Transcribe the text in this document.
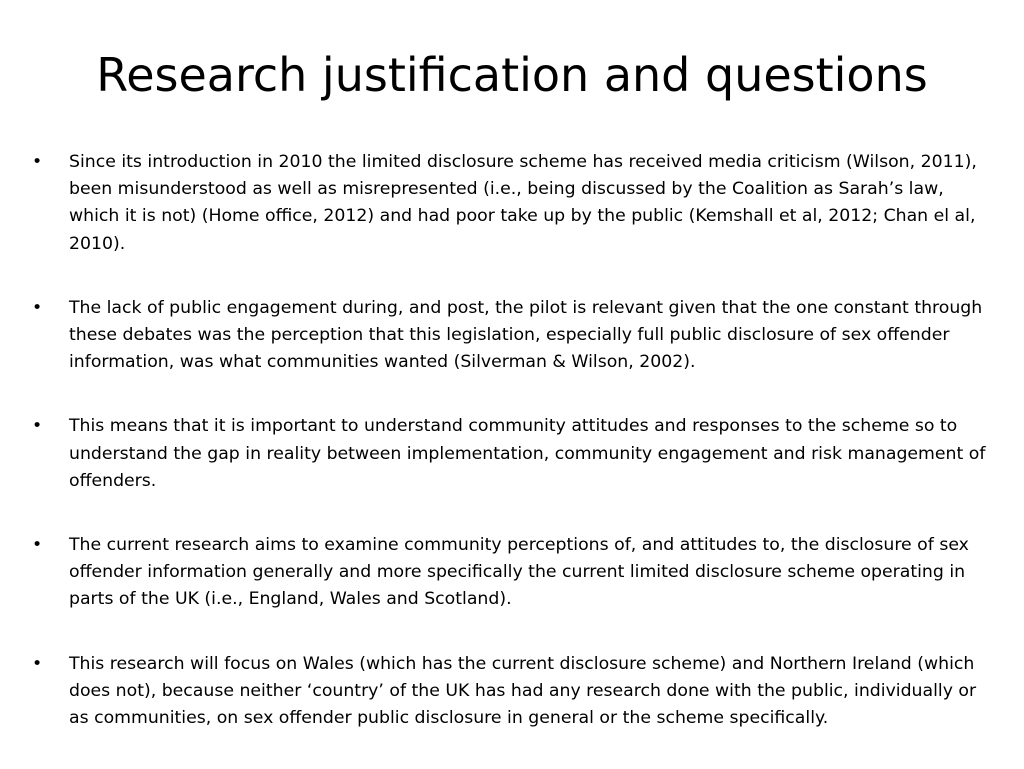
Research justification and questions
• Since its introduction in 2010 the limited disclosure scheme has received media criticism (Wilson, 2011), been misunderstood as well as misrepresented (i.e., being discussed by the Coalition as Sarah’s law, which it is not) (Home office, 2012) and had poor take up by the public (Kemshall et al, 2012; Chan el al, 2010).
• The lack of public engagement during, and post, the pilot is relevant given that the one constant through these debates was the perception that this legislation, especially full public disclosure of sex offender information, was what communities wanted (Silverman & Wilson, 2002).
• This means that it is important to understand community attitudes and responses to the scheme so to understand the gap in reality between implementation, community engagement and risk management of offenders.
• The current research aims to examine community perceptions of, and attitudes to, the disclosure of sex offender information generally and more specifically the current limited disclosure scheme operating in parts of the UK (i.e., England, Wales and Scotland).
• This research will focus on Wales (which has the current disclosure scheme) and Northern Ireland (which does not), because neither ‘country’ of the UK has had any research done with the public, individually or as communities, on sex offender public disclosure in general or the scheme specifically.
